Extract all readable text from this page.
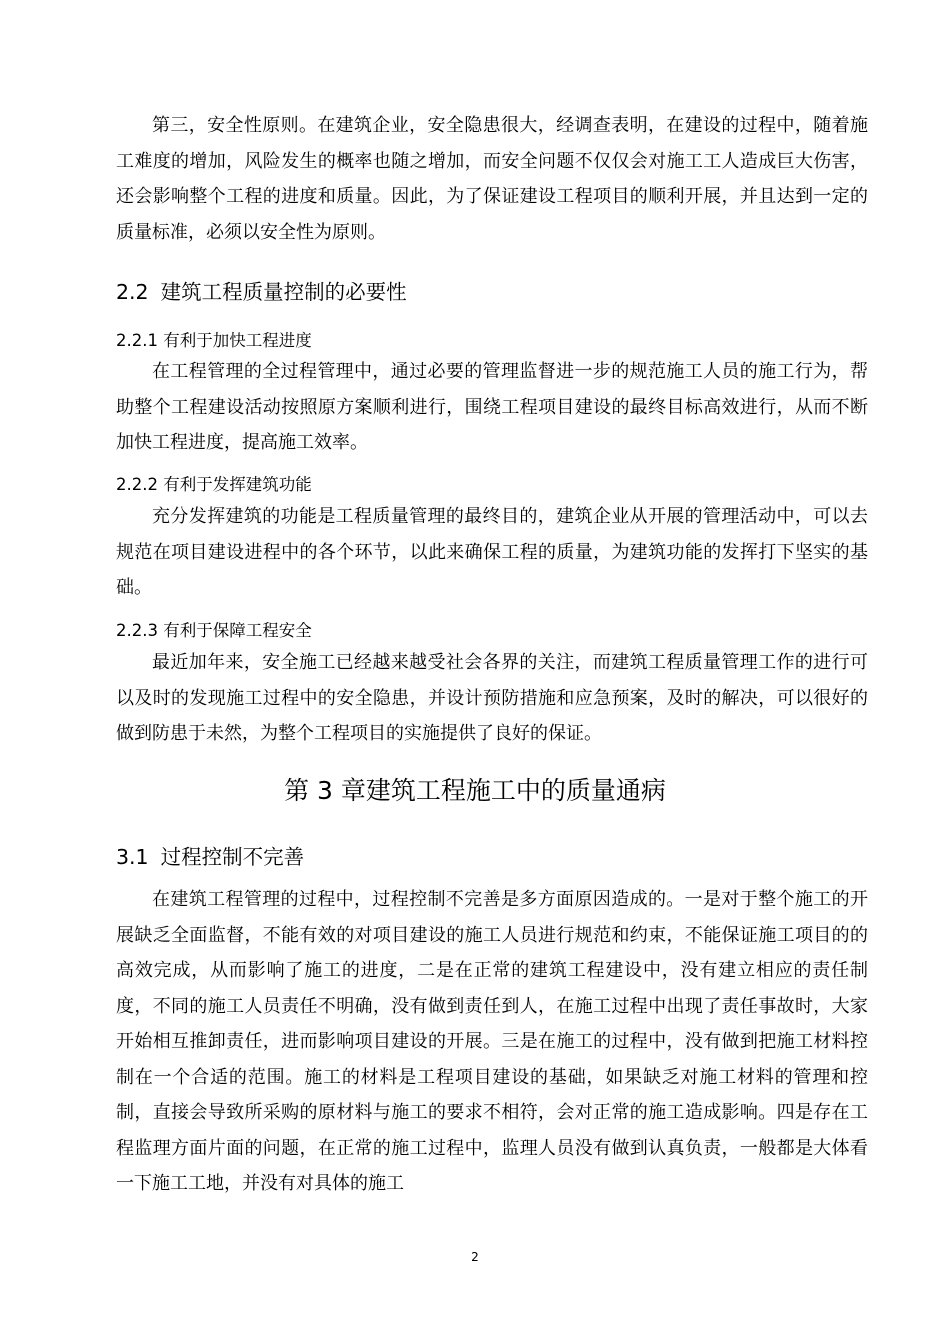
第三，安全性原则。在建筑企业，安全隐患很大，经调查表明，在建设的过程中，随着施工难度的增加，风险发生的概率也随之增加，而安全问题不仅仅会对施工工人造成巨大伤害，还会影响整个工程的进度和质量。因此，为了保证建设工程项目的顺利开展，并且达到一定的质量标准，必须以安全性为原则。

2.2 建筑工程质量控制的必要性

2.2.1 有利于加快工程进度

在工程管理的全过程管理中，通过必要的管理监督进一步的规范施工人员的施工行为，帮助整个工程建设活动按照原方案顺利进行，围绕工程项目建设的最终目标高效进行，从而不断加快工程进度，提高施工效率。

2.2.2 有利于发挥建筑功能

充分发挥建筑的功能是工程质量管理的最终目的，建筑企业从开展的管理活动中，可以去规范在项目建设进程中的各个环节，以此来确保工程的质量，为建筑功能的发挥打下坚实的基础。

2.2.3 有利于保障工程安全

最近加年来，安全施工已经越来越受社会各界的关注，而建筑工程质量管理工作的进行可以及时的发现施工过程中的安全隐患，并设计预防措施和应急预案，及时的解决，可以很好的做到防患于未然，为整个工程项目的实施提供了良好的保证。

第 3 章建筑工程施工中的质量通病

3.1 过程控制不完善

在建筑工程管理的过程中，过程控制不完善是多方面原因造成的。一是对于整个施工的开展缺乏全面监督，不能有效的对项目建设的施工人员进行规范和约束，不能保证施工项目的的高效完成，从而影响了施工的进度，二是在正常的建筑工程建设中，没有建立相应的责任制度，不同的施工人员责任不明确，没有做到责任到人，在施工过程中出现了责任事故时，大家开始相互推卸责任，进而影响项目建设的开展。三是在施工的过程中，没有做到把施工材料控制在一个合适的范围。施工的材料是工程项目建设的基础，如果缺乏对施工材料的管理和控制，直接会导致所采购的原材料与施工的要求不相符，会对正常的施工造成影响。四是存在工程监理方面片面的问题，在正常的施工过程中，监理人员没有做到认真负责，一般都是大体看一下施工工地，并没有对具体的施工

2
